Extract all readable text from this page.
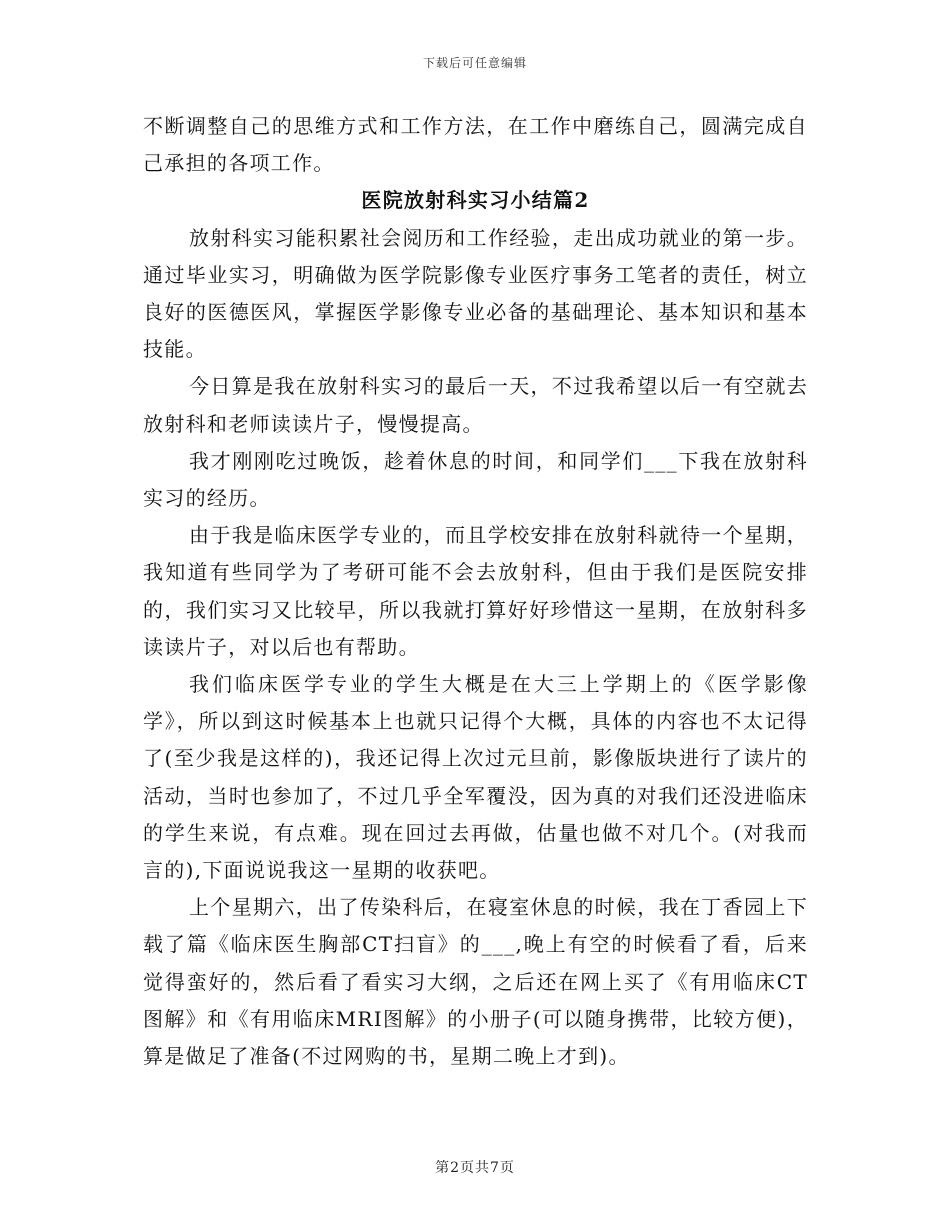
下载后可任意编辑

不断调整自己的思维方式和工作方法，在工作中磨练自己，圆满完成自己承担的各项工作。

医院放射科实习小结篇2

放射科实习能积累社会阅历和工作经验，走出成功就业的第一步。通过毕业实习，明确做为医学院影像专业医疗事务工笔者的责任，树立良好的医德医风，掌握医学影像专业必备的基础理论、基本知识和基本技能。

今日算是我在放射科实习的最后一天，不过我希望以后一有空就去放射科和老师读读片子，慢慢提高。

我才刚刚吃过晚饭，趁着休息的时间，和同学们___下我在放射科实习的经历。

由于我是临床医学专业的，而且学校安排在放射科就待一个星期，我知道有些同学为了考研可能不会去放射科，但由于我们是医院安排的，我们实习又比较早，所以我就打算好好珍惜这一星期，在放射科多读读片子，对以后也有帮助。

我们临床医学专业的学生大概是在大三上学期上的《医学影像学》，所以到这时候基本上也就只记得个大概，具体的内容也不太记得了(至少我是这样的)，我还记得上次过元旦前，影像版块进行了读片的活动，当时也参加了，不过几乎全军覆没，因为真的对我们还没进临床的学生来说，有点难。现在回过去再做，估量也做不对几个。(对我而言的),下面说说我这一星期的收获吧。

上个星期六，出了传染科后，在寝室休息的时候，我在丁香园上下载了篇《临床医生胸部CT扫盲》的___,晚上有空的时候看了看，后来觉得蛮好的，然后看了看实习大纲，之后还在网上买了《有用临床CT图解》和《有用临床MRI图解》的小册子(可以随身携带，比较方便)，算是做足了准备(不过网购的书，星期二晚上才到)。

第2页共7页
